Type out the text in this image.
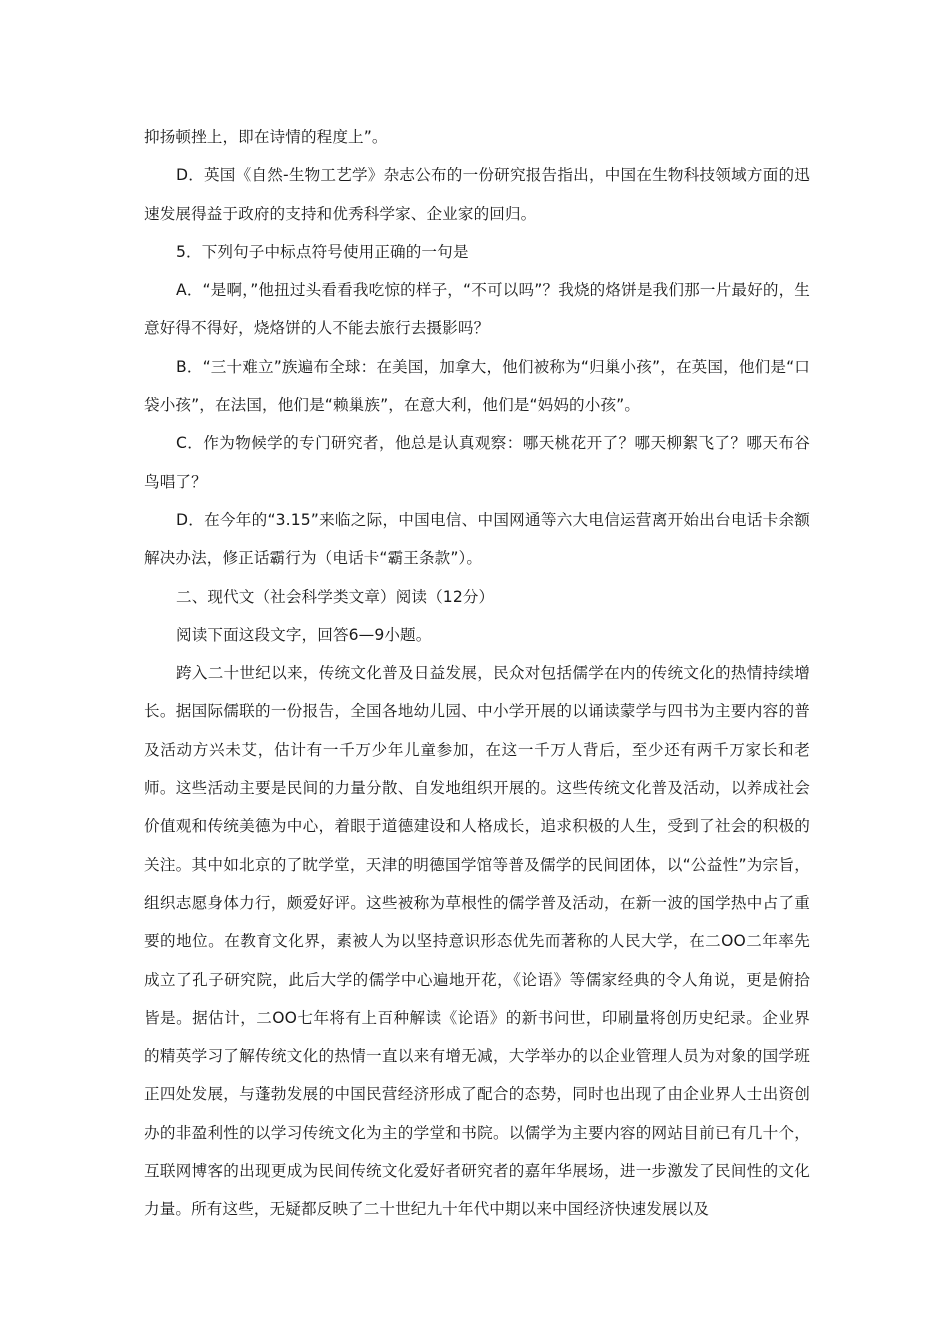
抑扬顿挫上，即在诗情的程度上”。

D．英国《自然-生物工艺学》杂志公布的一份研究报告指出，中国在生物科技领域方面的迅速发展得益于政府的支持和优秀科学家、企业家的回归。

5．下列句子中标点符号使用正确的一句是

A．“是啊，”他扭过头看看我吃惊的样子，“不可以吗”？我烧的烙饼是我们那一片最好的，生意好得不得好，烧烙饼的人不能去旅行去摄影吗？

B．“三十难立”族遍布全球：在美国，加拿大，他们被称为“归巢小孩”，在英国，他们是“口袋小孩”，在法国，他们是“赖巢族”，在意大利，他们是“妈妈的小孩”。

C．作为物候学的专门研究者，他总是认真观察：哪天桃花开了？哪天柳絮飞了？哪天布谷鸟唱了？

D．在今年的“3.15”来临之际，中国电信、中国网通等六大电信运营离开始出台电话卡余额解决办法，修正话霸行为（电话卡“霸王条款”）。

二、现代文（社会科学类文章）阅读（12分）

阅读下面这段文字，回答6—9小题。

跨入二十世纪以来，传统文化普及日益发展，民众对包括儒学在内的传统文化的热情持续增长。据国际儒联的一份报告，全国各地幼儿园、中小学开展的以诵读蒙学与四书为主要内容的普及活动方兴未艾，估计有一千万少年儿童参加，在这一千万人背后，至少还有两千万家长和老师。这些活动主要是民间的力量分散、自发地组织开展的。这些传统文化普及活动，以养成社会价值观和传统美德为中心，着眼于道德建设和人格成长，追求积极的人生，受到了社会的积极的关注。其中如北京的了眈学堂，天津的明德国学馆等普及儒学的民间团体，以“公益性”为宗旨，组织志愿身体力行，颇爱好评。这些被称为草根性的儒学普及活动，在新一波的国学热中占了重要的地位。在教育文化界，素被人为以坚持意识形态优先而著称的人民大学，在二OO二年率先成立了孔子研究院，此后大学的儒学中心遍地开花，《论语》等儒家经典的令人角说，更是俯拾皆是。据估计，二OO七年将有上百种解读《论语》的新书问世，印刷量将创历史纪录。企业界的精英学习了解传统文化的热情一直以来有增无减，大学举办的以企业管理人员为对象的国学班正四处发展，与蓬勃发展的中国民营经济形成了配合的态势，同时也出现了由企业界人士出资创办的非盈利性的以学习传统文化为主的学堂和书院。以儒学为主要内容的网站目前已有几十个，互联网博客的出现更成为民间传统文化爱好者研究者的嘉年华展场，进一步激发了民间性的文化力量。所有这些，无疑都反映了二十世纪九十年代中期以来中国经济快速发展以及
